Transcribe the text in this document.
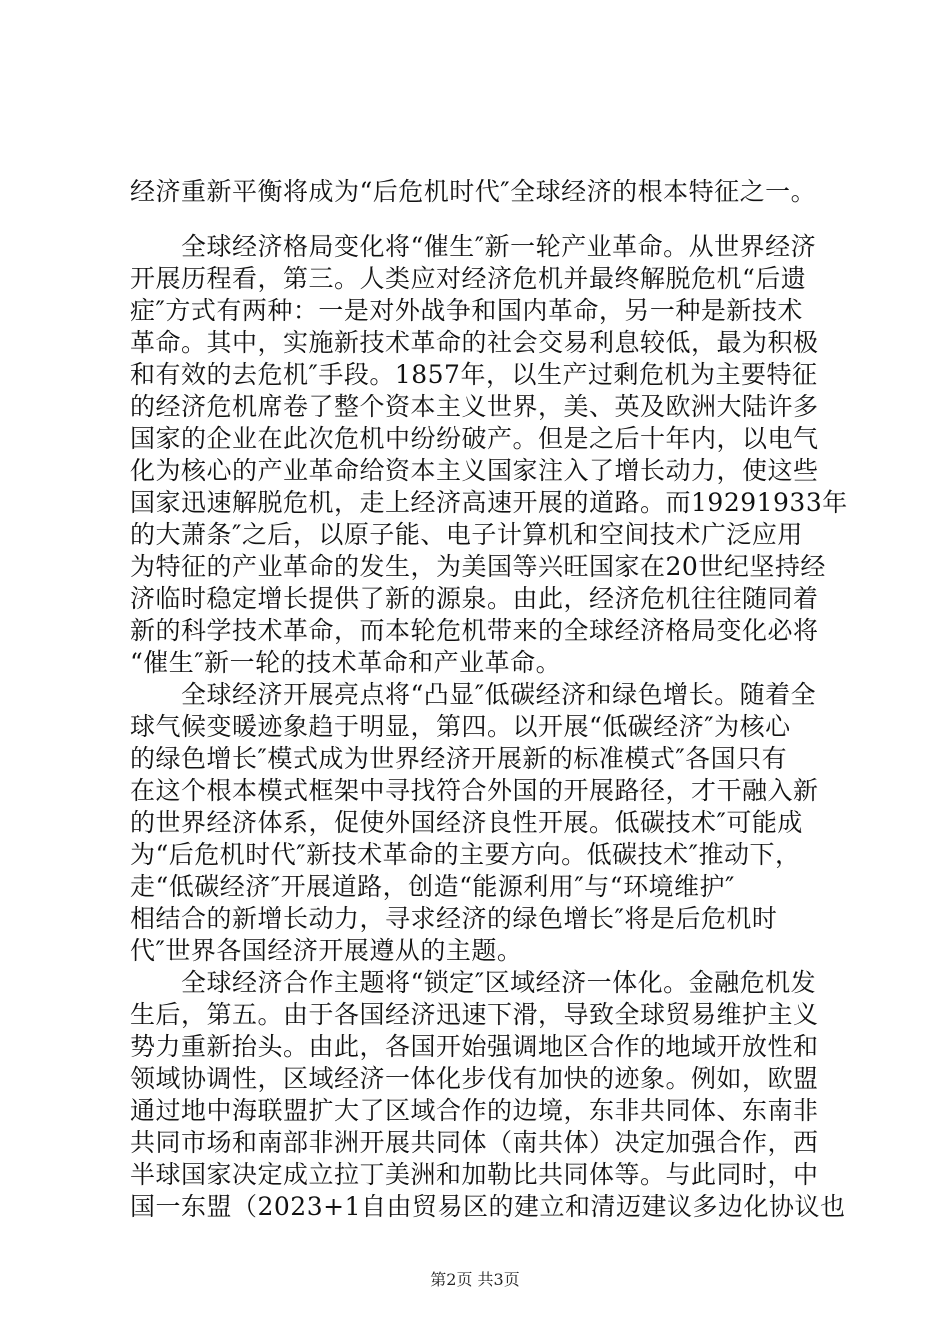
经济重新平衡将成为“后危机时代″全球经济的根本特征之一。
　　全球经济格局变化将“催生″新一轮产业革命。从世界经济
开展历程看，第三。人类应对经济危机并最终解脱危机“后遗
症″方式有两种：一是对外战争和国内革命，另一种是新技术
革命。其中，实施新技术革命的社会交易利息较低，最为积极
和有效的去危机″手段。1857年，以生产过剩危机为主要特征
的经济危机席卷了整个资本主义世界，美、英及欧洲大陆许多
国家的企业在此次危机中纷纷破产。但是之后十年内，以电气
化为核心的产业革命给资本主义国家注入了增长动力，使这些
国家迅速解脱危机，走上经济高速开展的道路。而19291933年
的大萧条″之后，以原子能、电子计算机和空间技术广泛应用
为特征的产业革命的发生，为美国等兴旺国家在20世纪坚持经
济临时稳定增长提供了新的源泉。由此，经济危机往往随同着
新的科学技术革命，而本轮危机带来的全球经济格局变化必将
“催生″新一轮的技术革命和产业革命。
　　全球经济开展亮点将“凸显″低碳经济和绿色增长。随着全
球气候变暖迹象趋于明显，第四。以开展“低碳经济″为核心
的绿色增长″模式成为世界经济开展新的标准模式″各国只有
在这个根本模式框架中寻找符合外国的开展路径，才干融入新
的世界经济体系，促使外国经济良性开展。低碳技术″可能成
为“后危机时代″新技术革命的主要方向。低碳技术″推动下，
走“低碳经济″开展道路，创造“能源利用″与“环境维护″
相结合的新增长动力，寻求经济的绿色增长″将是后危机时
代″世界各国经济开展遵从的主题。
　　全球经济合作主题将“锁定″区域经济一体化。金融危机发
生后，第五。由于各国经济迅速下滑，导致全球贸易维护主义
势力重新抬头。由此，各国开始强调地区合作的地域开放性和
领域协调性，区域经济一体化步伐有加快的迹象。例如，欧盟
通过地中海联盟扩大了区域合作的边境，东非共同体、东南非
共同市场和南部非洲开展共同体（南共体）决定加强合作，西
半球国家决定成立拉丁美洲和加勒比共同体等。与此同时，中
国一东盟（2023+1自由贸易区的建立和清迈建议多边化协议也
第2页 共3页
